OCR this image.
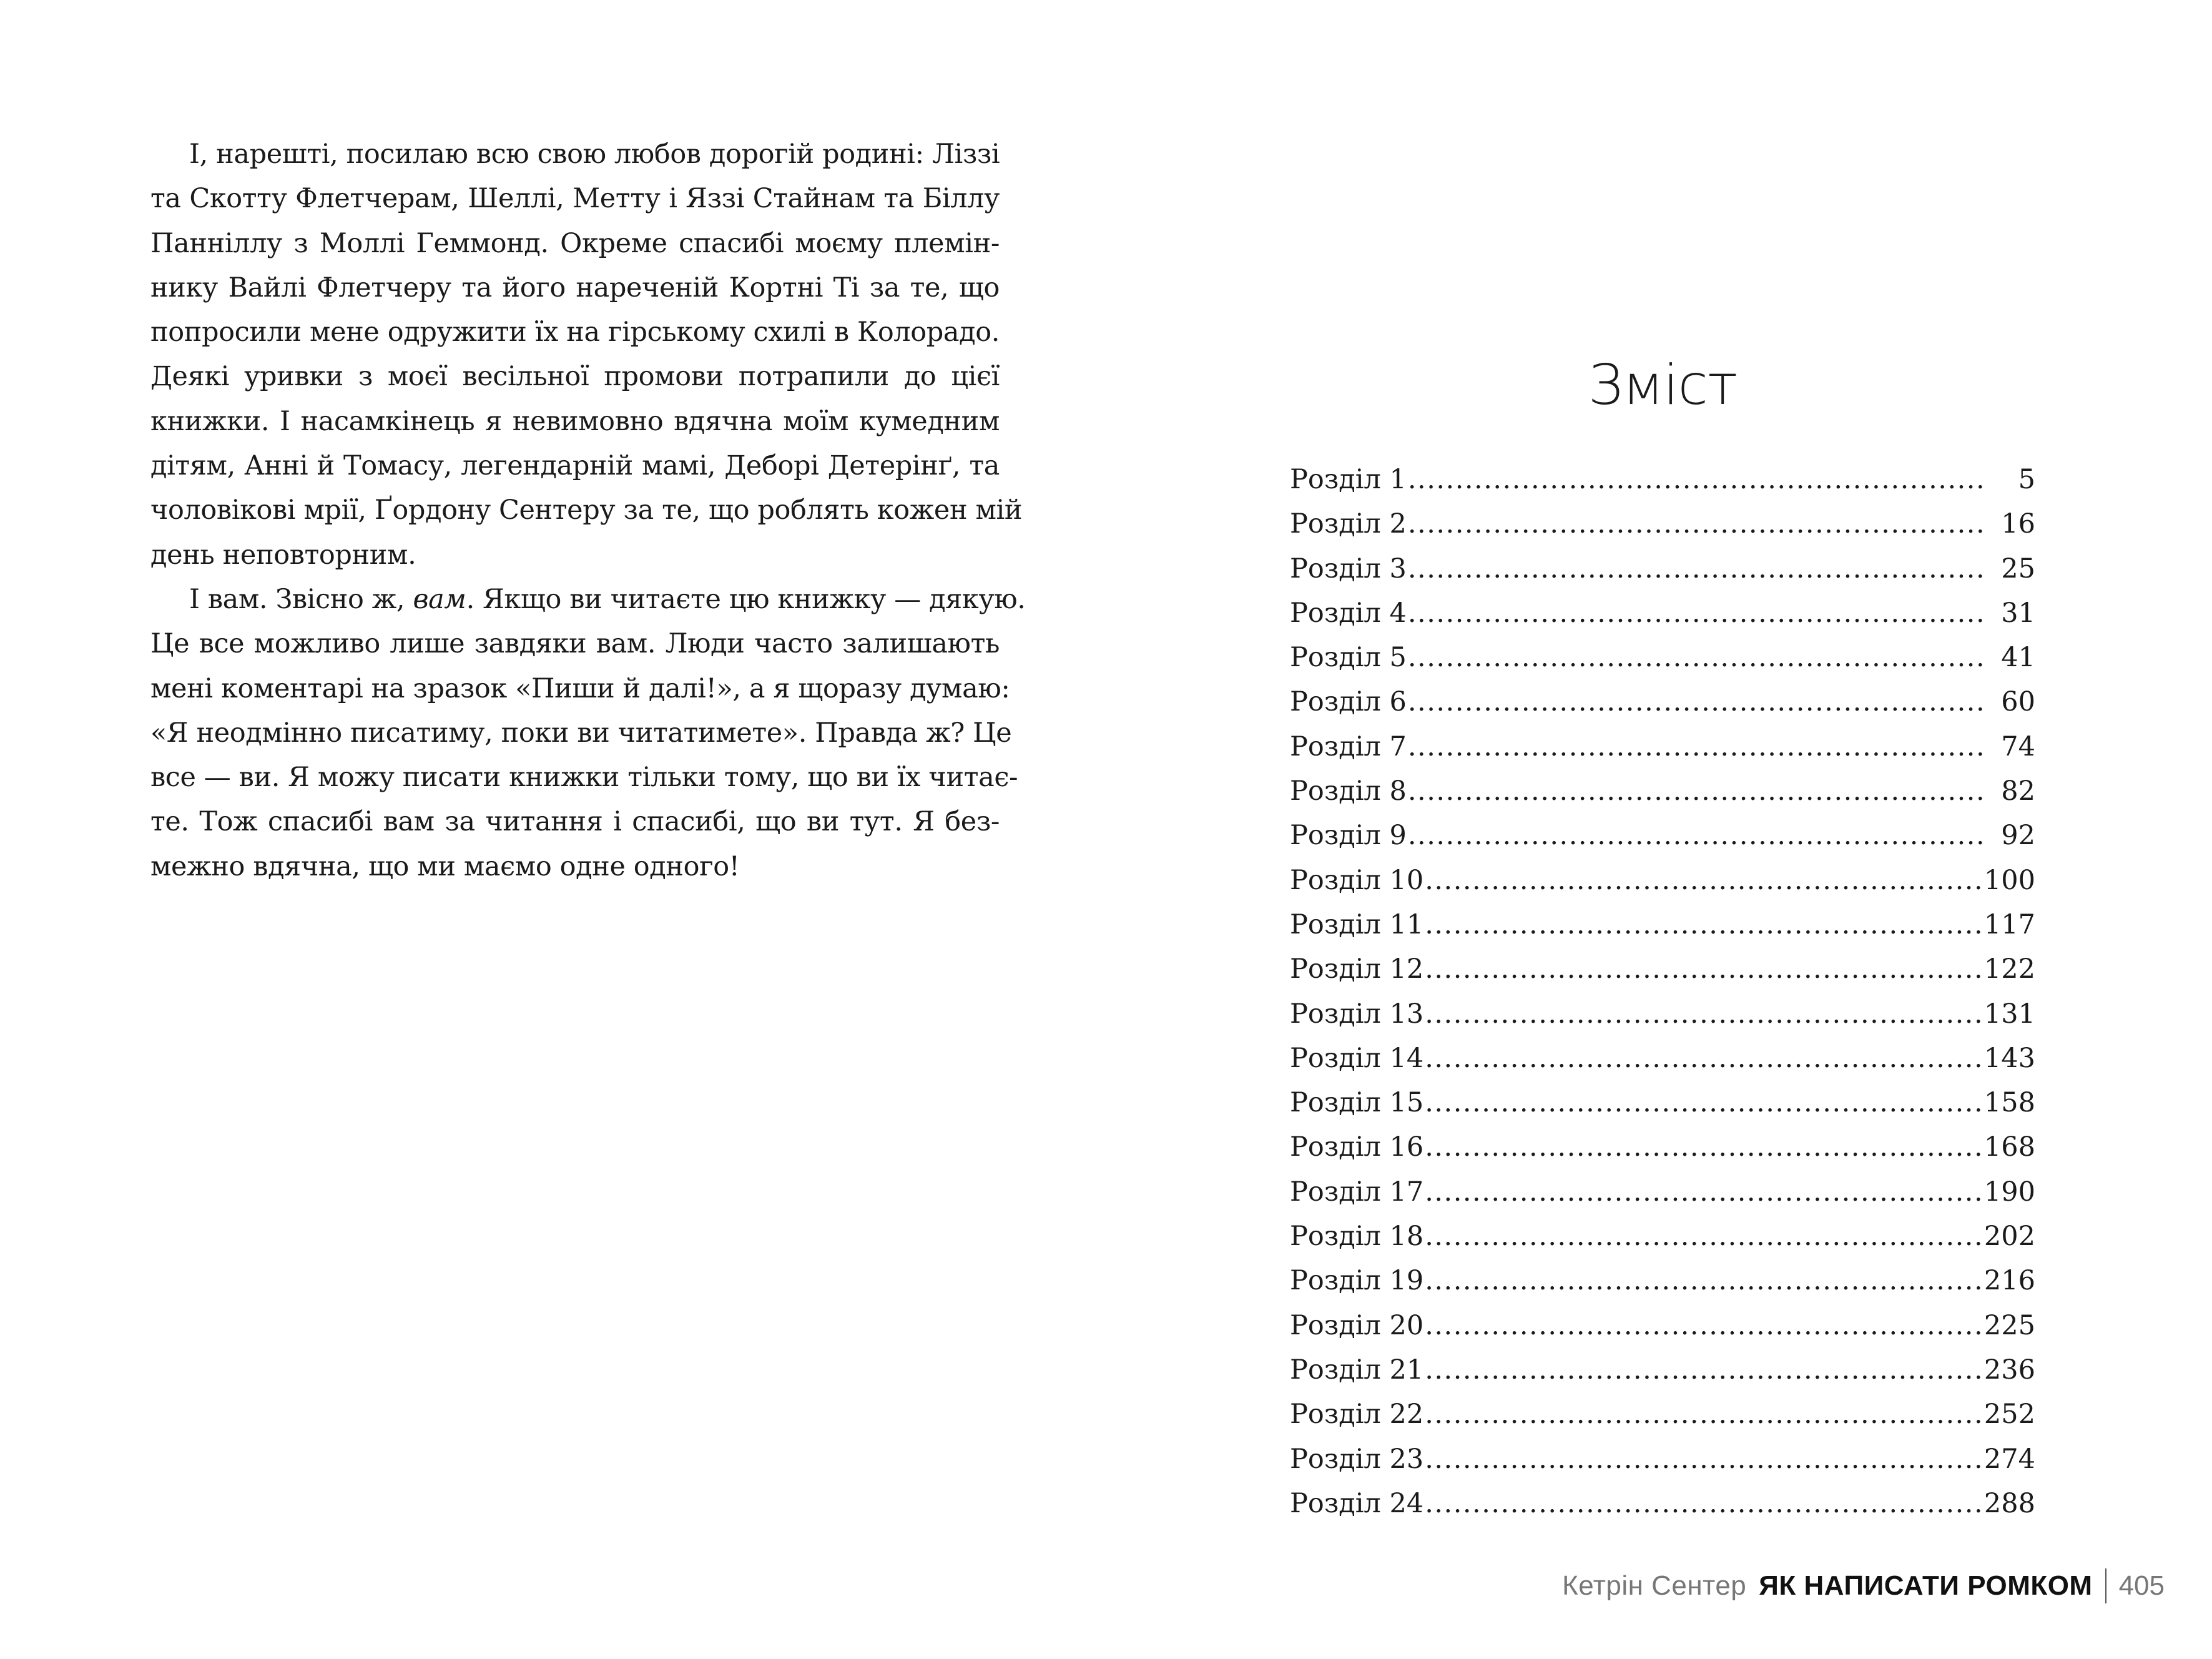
І, нарешті, посилаю всю свою любов дорогій родині: Ліззі
та Скотту Флетчерам, Шеллі, Метту і Яззі Стайнам та Біллу
Панніллу з Моллі Геммонд. Окреме спасибі моєму племін-
нику Вайлі Флетчеру та його нареченій Кортні Ті за те, що
попросили мене одружити їх на гірському схилі в Колорадо.
Деякі уривки з моєї весільної промови потрапили до цієї
книжки. І насамкінець я невимовно вдячна моїм кумедним
дітям, Анні й Томасу, легендарній мамі, Деборі Детерінґ, та
чоловікові мрії, Ґордону Сентеру за те, що роблять кожен мій
день неповторним.

І вам. Звісно ж, вам. Якщо ви читаєте цю книжку — дякую.
Це все можливо лише завдяки вам. Люди часто залишають
мені коментарі на зразок «Пиши й далі!», а я щоразу думаю:
«Я неодмінно писатиму, поки ви читатимете». Правда ж? Це
все — ви. Я можу писати книжки тільки тому, що ви їх читає-
те. Тож спасибі вам за читання і спасибі, що ви тут. Я без-
межно вдячна, що ми маємо одне одного!

Зміст
Розділ 1 .....	5
Розділ 2 .....	16
Розділ 3 .....	25
Розділ 4 .....	31
Розділ 5 .....	41
Розділ 6 .....	60
Розділ 7 .....	74
Розділ 8 .....	82
Розділ 9 .....	92
Розділ 10 .....	100
Розділ 11 .....	117
Розділ 12 .....	122
Розділ 13 .....	131
Розділ 14 .....	143
Розділ 15 .....	158
Розділ 16 .....	168
Розділ 17 .....	190
Розділ 18 .....	202
Розділ 19 .....	216
Розділ 20 .....	225
Розділ 21 .....	236
Розділ 22 .....	252
Розділ 23 .....	274
Розділ 24 .....	288
Кетрін Сентер ЯК НАПИСАТИ РОМКОМ 405
